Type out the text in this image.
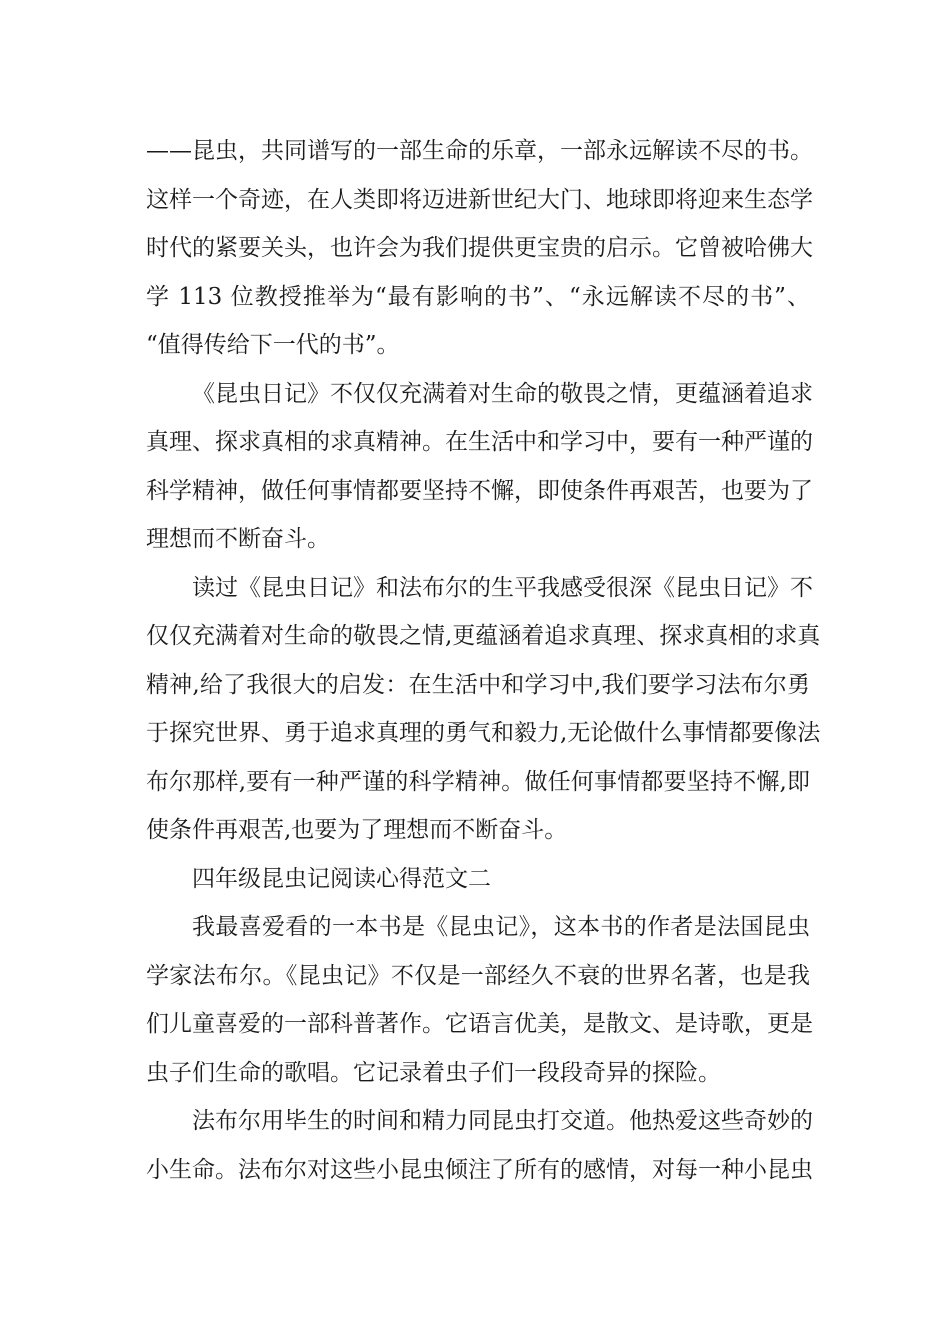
——昆虫，共同谱写的一部生命的乐章，一部永远解读不尽的书。
这样一个奇迹，在人类即将迈进新世纪大门、地球即将迎来生态学
时代的紧要关头，也许会为我们提供更宝贵的启示。它曾被哈佛大
学 113 位教授推举为“最有影响的书”、“永远解读不尽的书”、
“值得传给下一代的书”。
《昆虫日记》不仅仅充满着对生命的敬畏之情，更蕴涵着追求
真理、探求真相的求真精神。在生活中和学习中，要有一种严谨的
科学精神，做任何事情都要坚持不懈，即使条件再艰苦，也要为了
理想而不断奋斗。
读过《昆虫日记》和法布尔的生平我感受很深《昆虫日记》不
仅仅充满着对生命的敬畏之情,更蕴涵着追求真理、探求真相的求真
精神,给了我很大的启发：在生活中和学习中,我们要学习法布尔勇
于探究世界、勇于追求真理的勇气和毅力,无论做什么事情都要像法
布尔那样,要有一种严谨的科学精神。做任何事情都要坚持不懈,即
使条件再艰苦,也要为了理想而不断奋斗。
四年级昆虫记阅读心得范文二
我最喜爱看的一本书是《昆虫记》，这本书的作者是法国昆虫
学家法布尔。《昆虫记》不仅是一部经久不衰的世界名著，也是我
们儿童喜爱的一部科普著作。它语言优美，是散文、是诗歌，更是
虫子们生命的歌唱。它记录着虫子们一段段奇异的探险。
法布尔用毕生的时间和精力同昆虫打交道。他热爱这些奇妙的
小生命。法布尔对这些小昆虫倾注了所有的感情，对每一种小昆虫
